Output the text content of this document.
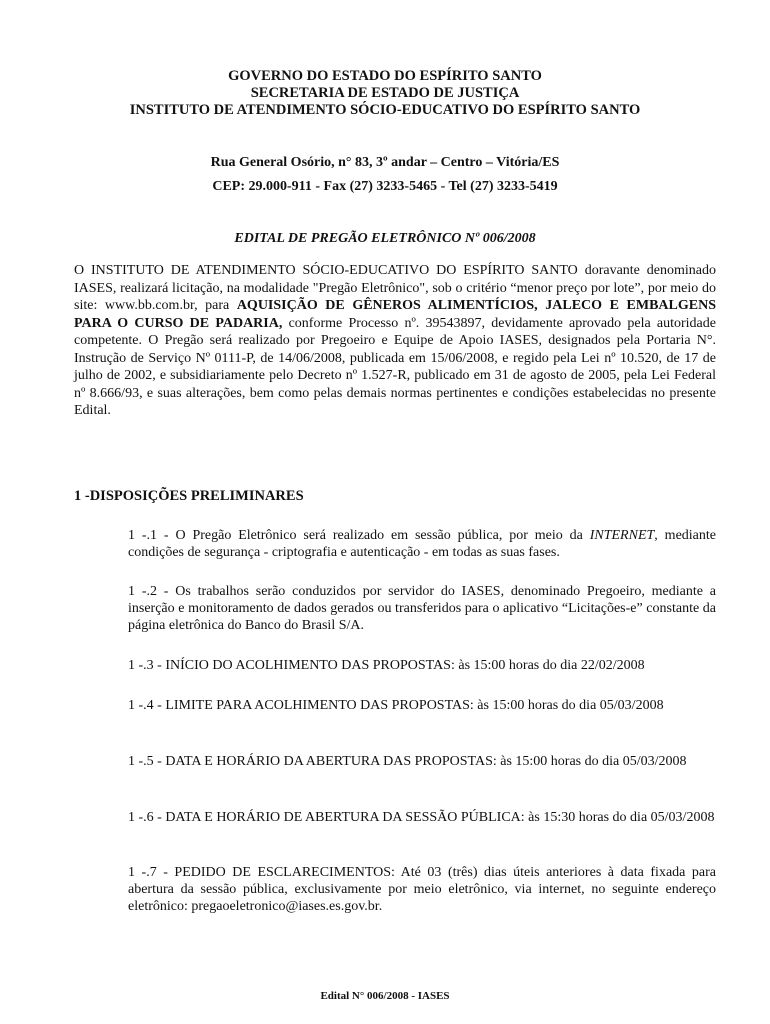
GOVERNO DO ESTADO DO ESPÍRITO SANTO
SECRETARIA DE ESTADO DE JUSTIÇA
INSTITUTO DE ATENDIMENTO SÓCIO-EDUCATIVO DO ESPÍRITO SANTO
Rua General Osório, n° 83, 3º andar – Centro – Vitória/ES
CEP: 29.000-911 - Fax (27) 3233-5465 - Tel (27) 3233-5419
EDITAL DE PREGÃO ELETRÔNICO Nº 006/2008
O INSTITUTO DE ATENDIMENTO SÓCIO-EDUCATIVO DO ESPÍRITO SANTO doravante denominado IASES, realizará licitação, na modalidade "Pregão Eletrônico", sob o critério “menor preço por lote”, por meio do site: www.bb.com.br, para AQUISIÇÃO DE GÊNEROS ALIMENTÍCIOS, JALECO E EMBALGENS PARA O CURSO DE PADARIA, conforme Processo nº. 39543897, devidamente aprovado pela autoridade competente. O Pregão será realizado por Pregoeiro e Equipe de Apoio IASES, designados pela Portaria N°. Instrução de Serviço Nº 0111-P, de 14/06/2008, publicada em 15/06/2008, e regido pela Lei nº 10.520, de 17 de julho de 2002, e subsidiariamente pelo Decreto nº 1.527-R, publicado em 31 de agosto de 2005, pela Lei Federal nº 8.666/93, e suas alterações, bem como pelas demais normas pertinentes e condições estabelecidas no presente Edital.
1 -DISPOSIÇÕES PRELIMINARES
1 -.1 - O Pregão Eletrônico será realizado em sessão pública, por meio da INTERNET, mediante condições de segurança - criptografia e autenticação - em todas as suas fases.
1 -.2 - Os trabalhos serão conduzidos por servidor do IASES, denominado Pregoeiro, mediante a inserção e monitoramento de dados gerados ou transferidos para o aplicativo “Licitações-e” constante da página eletrônica do Banco do Brasil S/A.
1 -.3 - INÍCIO DO ACOLHIMENTO DAS PROPOSTAS: às 15:00 horas do dia 22/02/2008
1 -.4 - LIMITE PARA ACOLHIMENTO DAS PROPOSTAS: às 15:00 horas do dia 05/03/2008
1 -.5 - DATA E HORÁRIO DA ABERTURA DAS PROPOSTAS: às 15:00 horas do dia 05/03/2008
1 -.6 - DATA E HORÁRIO DE ABERTURA DA SESSÃO PÚBLICA: às 15:30 horas do dia 05/03/2008
1 -.7 - PEDIDO DE ESCLARECIMENTOS: Até 03 (três) dias úteis anteriores à data fixada para abertura da sessão pública, exclusivamente por meio eletrônico, via internet, no seguinte endereço eletrônico: pregaoeletronico@iases.es.gov.br.
Edital N° 006/2008 - IASES
